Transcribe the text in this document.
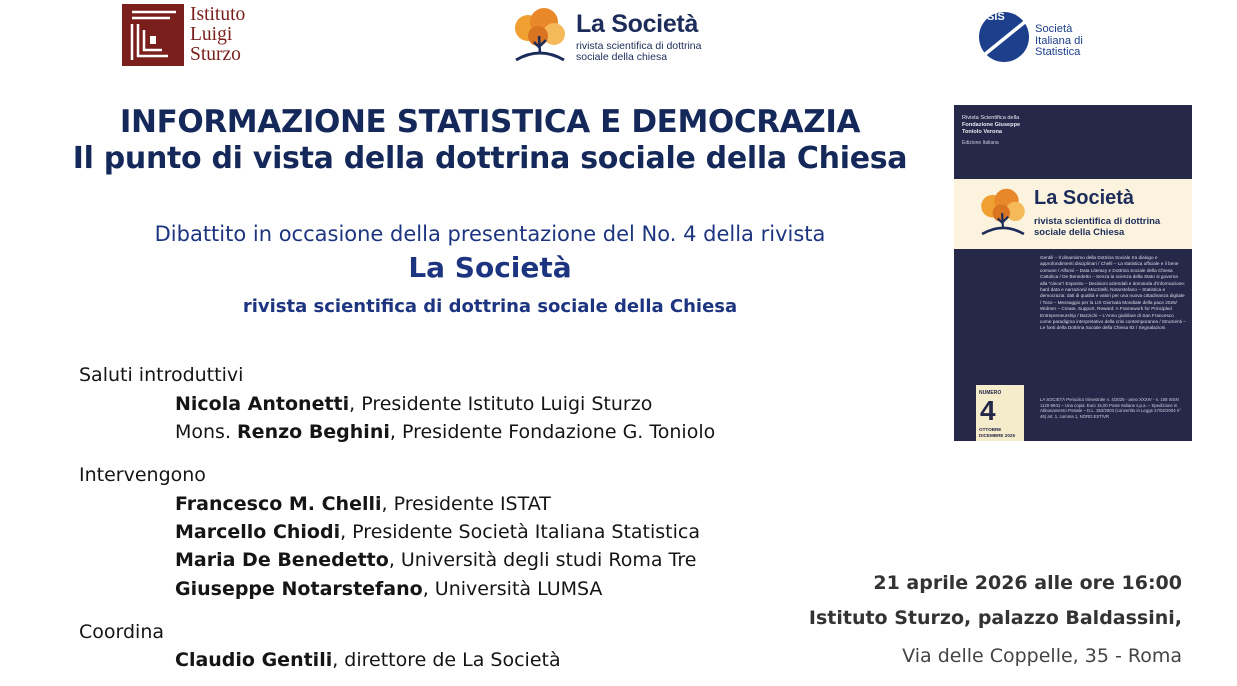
Istituto
Luigi
Sturzo
La Società
rivista scientifica di dottrina
sociale della chiesa
SIS
Società
Italiana di
Statistica
INFORMAZIONE STATISTICA E DEMOCRAZIA
Il punto di vista della dottrina sociale della Chiesa
Dibattito in occasione della presentazione del No. 4 della rivista
La Società
rivista scientifica di dottrina sociale della Chiesa
Saluti introduttivi
Nicola Antonetti, Presidente Istituto Luigi Sturzo
Mons. Renzo Beghini, Presidente Fondazione G. Toniolo
Intervengono
Francesco M. Chelli, Presidente ISTAT
Marcello Chiodi, Presidente Società Italiana Statistica
Maria De Benedetto, Università degli studi Roma Tre
Giuseppe Notarstefano, Università LUMSA
Coordina
Claudio Gentili, direttore de La Società
Rivista Scientifica della
Fondazione Giuseppe
Toniolo Verona
Edizione Italiana
La Società
rivista scientifica di dottrina
sociale della Chiesa
Gentili – Il dinamismo della Dottrina Sociale tra dialogo e approfondimenti disciplinari / Chelli – La statistica ufficiale e il bene comune / Alfonsi – Data Literacy e Dottrina Sociale della Chiesa Cattolica / De Benedetto – Senza la scienza della Stato si governa alla "cieca"/ Esposito – Decisioni aziendali e domanda d'informazione: hard data e narrazioni/ Mazzitelli, Notarstefano – Statistica e democrazia: dati di qualità e valori per una nuova cittadinanza digitale / Toso – Messaggio per la LIX Giornata Mondiale della pace 2026/ Widmer – Create, Support, Reward: A Framework for Principled Entrepreneurship / Bazzichi – L'Anno giubilare di San Francesco come paradigma interpretativo della crisi contemporanea / Strumenti – Le fonti della Dottrina Sociale della Chiesa 92 / Segnalazioni
NUMERO
4
OTTOBRE
DICEMBRE 2025
LA SOCIETÀ Periodico trimestrale n. 4/2025 - anno XXXIV - n. 108 ISSN 1120-9941 – Una copia: Euro 15,00 Poste Italiane s.p.a. – Spedizione in Abbonamento Postale – D.L. 353/2003 (convertito in Legge 27/02/2004 n° 46) art. 1, comma 1, NORD EST/VR
21 aprile 2026 alle ore 16:00
Istituto Sturzo, palazzo Baldassini,
Via delle Coppelle, 35 - Roma
